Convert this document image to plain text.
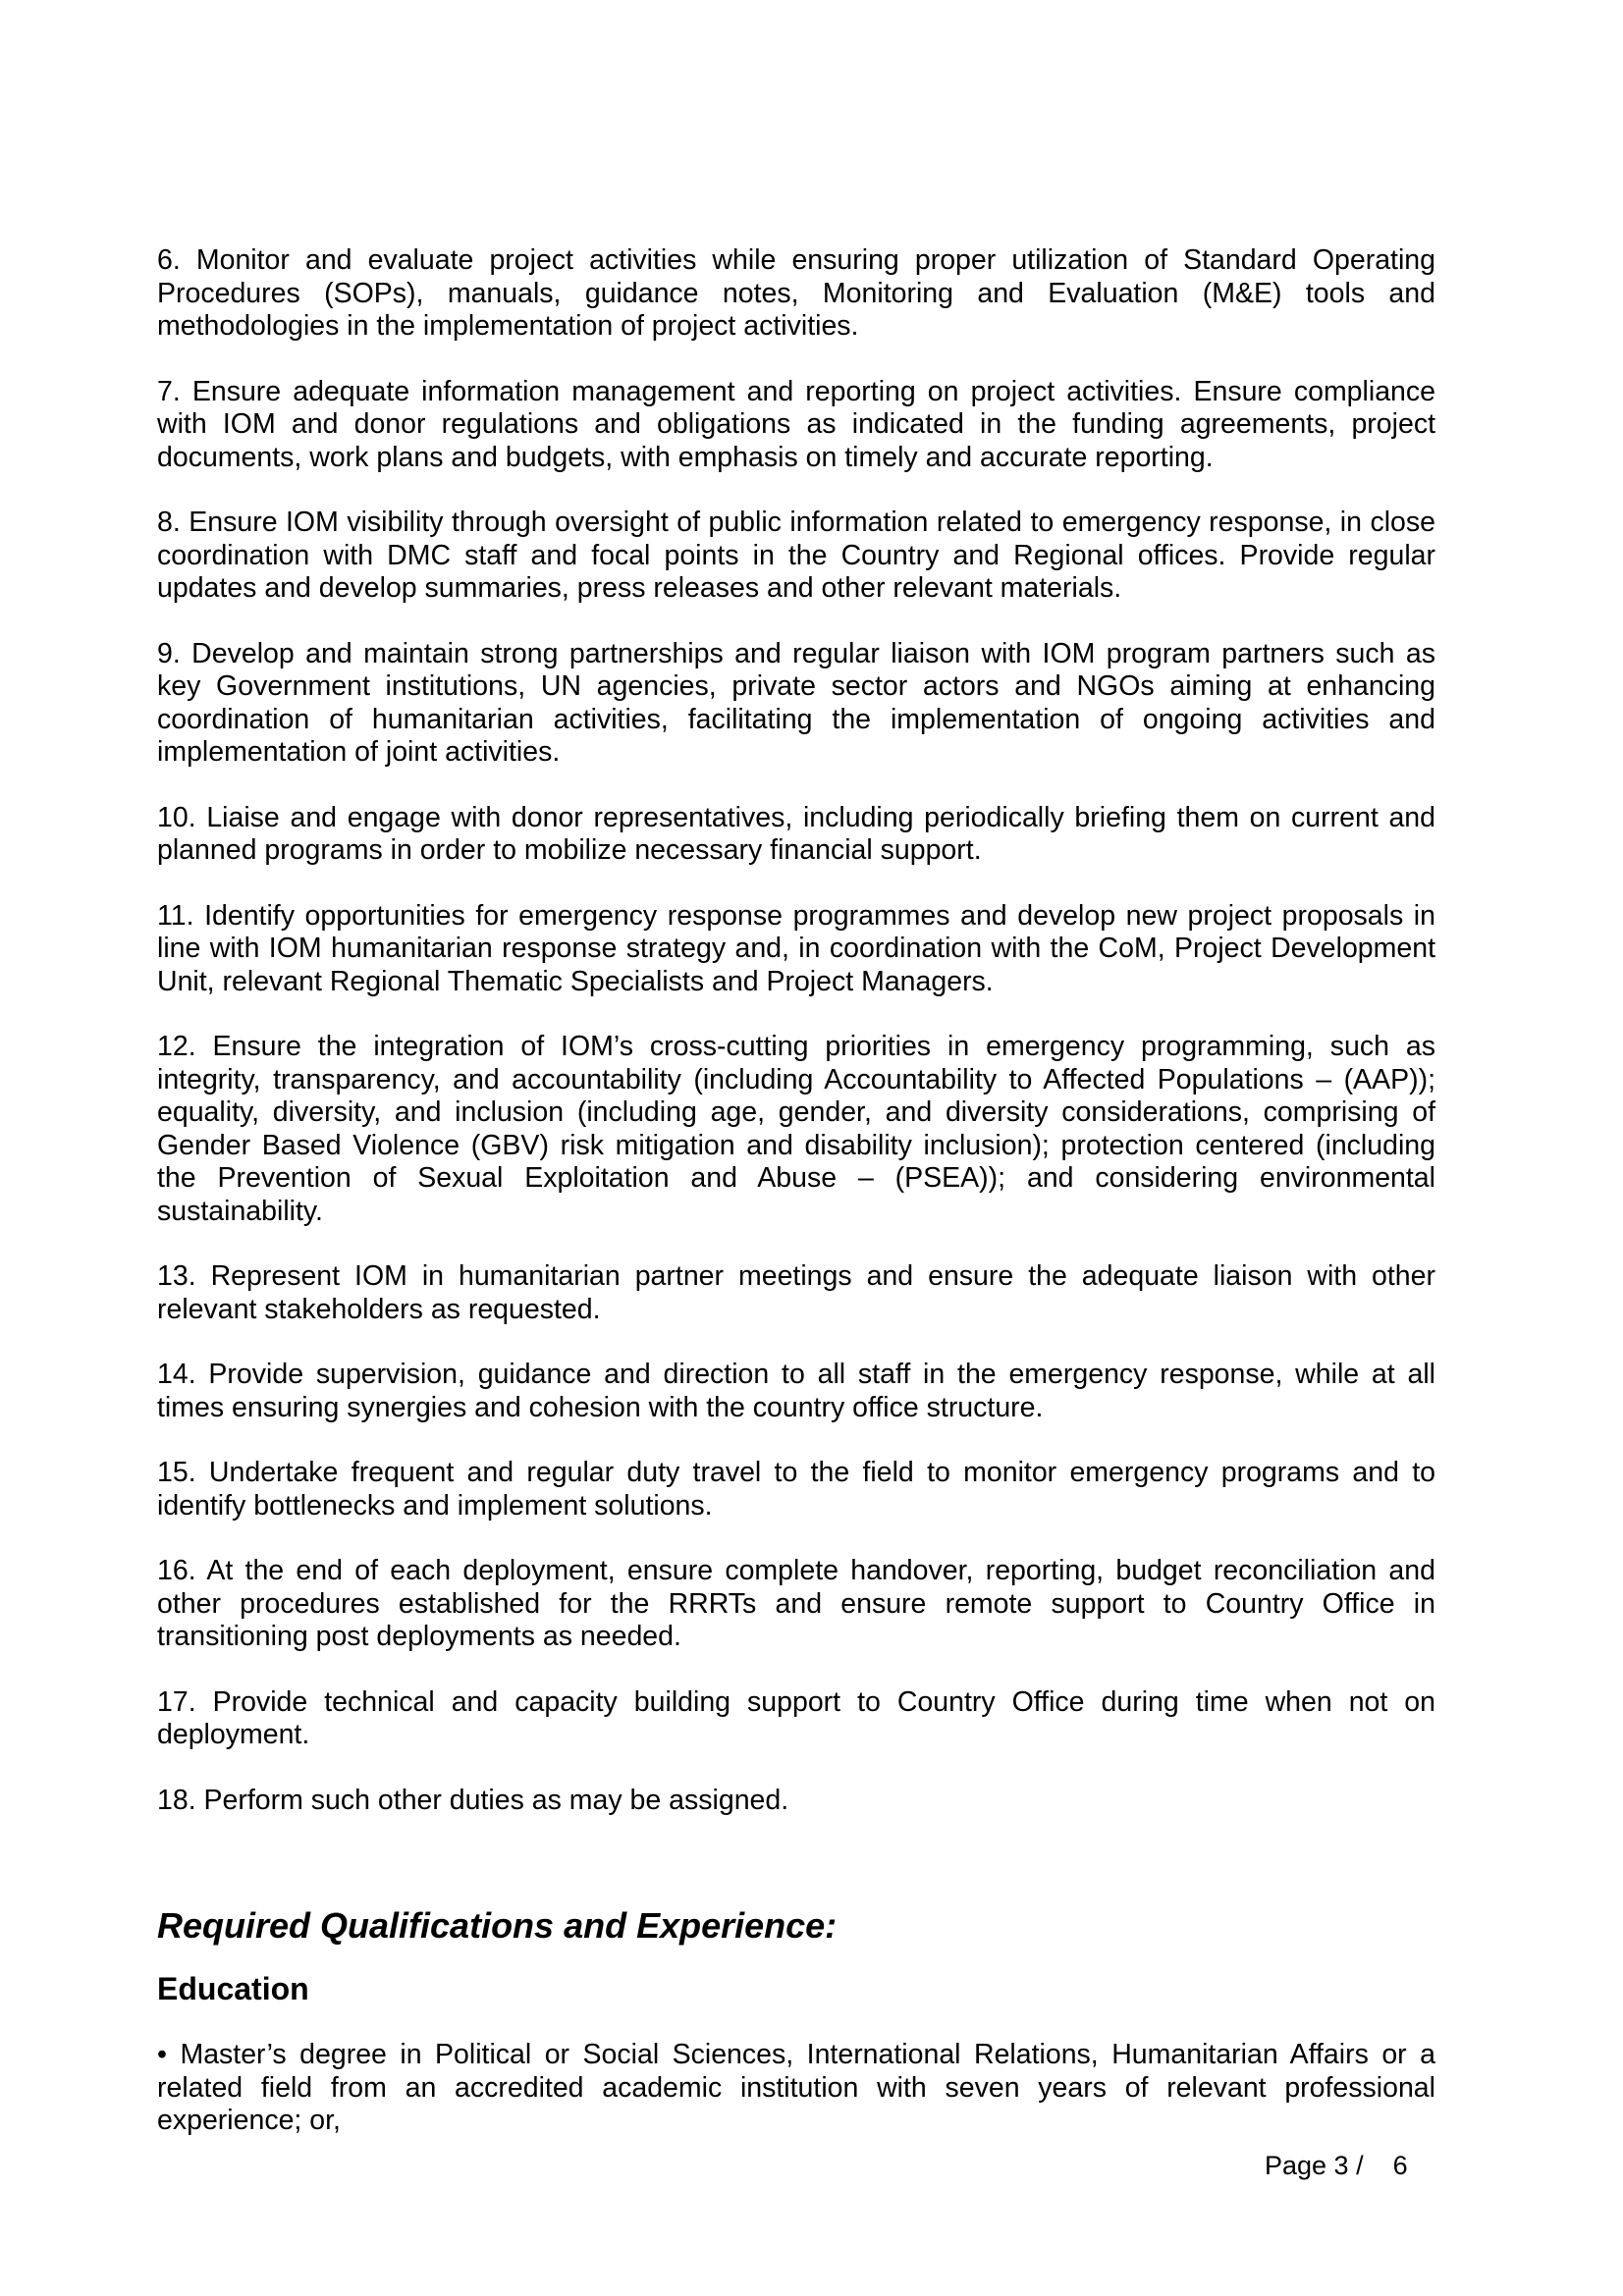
6. Monitor and evaluate project activities while ensuring proper utilization of Standard Operating Procedures (SOPs), manuals, guidance notes, Monitoring and Evaluation (M&E) tools and methodologies in the implementation of project activities.

7. Ensure adequate information management and reporting on project activities. Ensure compliance with IOM and donor regulations and obligations as indicated in the funding agreements, project documents, work plans and budgets, with emphasis on timely and accurate reporting.

8. Ensure IOM visibility through oversight of public information related to emergency response, in close coordination with DMC staff and focal points in the Country and Regional offices. Provide regular updates and develop summaries, press releases and other relevant materials.

9. Develop and maintain strong partnerships and regular liaison with IOM program partners such as key Government institutions, UN agencies, private sector actors and NGOs aiming at enhancing coordination of humanitarian activities, facilitating the implementation of ongoing activities and implementation of joint activities.

10. Liaise and engage with donor representatives, including periodically briefing them on current and planned programs in order to mobilize necessary financial support.

11. Identify opportunities for emergency response programmes and develop new project proposals in line with IOM humanitarian response strategy and, in coordination with the CoM, Project Development Unit, relevant Regional Thematic Specialists and Project Managers.

12. Ensure the integration of IOM’s cross-cutting priorities in emergency programming, such as integrity, transparency, and accountability (including Accountability to Affected Populations – (AAP)); equality, diversity, and inclusion (including age, gender, and diversity considerations, comprising of Gender Based Violence (GBV) risk mitigation and disability inclusion); protection centered (including the Prevention of Sexual Exploitation and Abuse – (PSEA)); and considering environmental sustainability.

13. Represent IOM in humanitarian partner meetings and ensure the adequate liaison with other relevant stakeholders as requested.

14. Provide supervision, guidance and direction to all staff in the emergency response, while at all times ensuring synergies and cohesion with the country office structure.

15. Undertake frequent and regular duty travel to the field to monitor emergency programs and to identify bottlenecks and implement solutions.

16. At the end of each deployment, ensure complete handover, reporting, budget reconciliation and other procedures established for the RRRTs and ensure remote support to Country Office in transitioning post deployments as needed.

17. Provide technical and capacity building support to Country Office during time when not on deployment.

18. Perform such other duties as may be assigned.

Required Qualifications and Experience:
Education

• Master’s degree in Political or Social Sciences, International Relations, Humanitarian Affairs or a related field from an accredited academic institution with seven years of relevant professional experience; or,

Page 3 / 6
